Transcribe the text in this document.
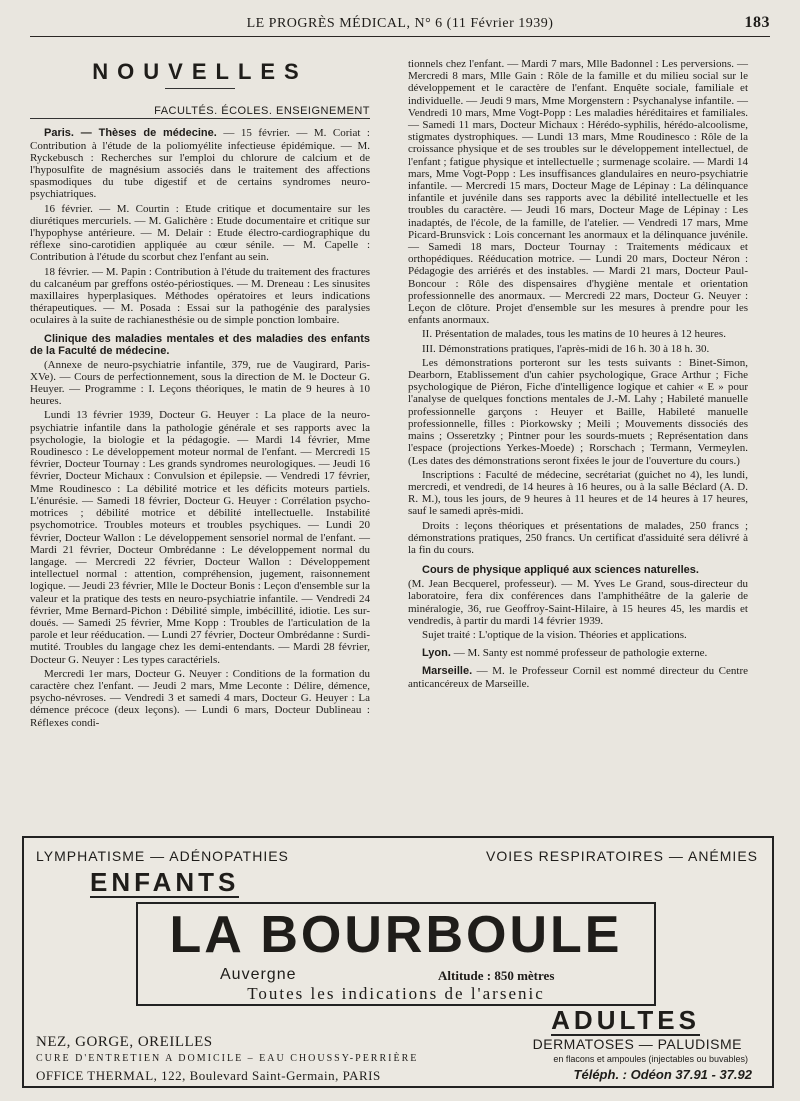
LE PROGRÈS MÉDICAL, N° 6 (11 Février 1939)	183
NOUVELLES
FACULTÉS. ÉCOLES. ENSEIGNEMENT

Paris. — Thèses de médecine. — 15 février. — M. Coriat : Contribution à l'étude de la poliomyélite infectieuse épidémique. — M. Ryckebusch : Recherches sur l'emploi du chlorure de calcium et de l'hyposulfite de magnésium associés dans le traitement des affections spasmodiques du tube digestif et de certains syndromes neuro-psychiatriques.

16 février. — M. Courtin : Etude critique et documentaire sur les diurétiques mercuriels. — M. Galichère : Etude documentaire et critique sur l'hypophyse antérieure. — M. Delair : Etude électro-cardiographique du réflexe sino-carotidien appliquée au cœur sénile. — M. Capelle : Contribution à l'étude du scorbut chez l'enfant au sein.

18 février. — M. Papin : Contribution à l'étude du traitement des fractures du calcanéum par greffons ostéo-périostiques. — M. Dreneau : Les sinusites maxillaires hyperplasiques. Méthodes opératoires et leurs indications thérapeutiques. — M. Posada : Essai sur la pathogénie des paralysies oculaires à la suite de rachianesthésie ou de simple ponction lombaire.

Clinique des maladies mentales et des maladies des enfants de la Faculté de médecine.

(Annexe de neuro-psychiatrie infantile, 379, rue de Vaugirard, Paris-XVe). — Cours de perfectionnement, sous la direction de M. le Docteur G. Heuyer. — Programme : I. Leçons théoriques, le matin de 9 heures à 10 heures.

Lundi 13 février 1939, Docteur G. Heuyer : La place de la neuro-psychiatrie infantile dans la pathologie générale et ses rapports avec la psychologie, la biologie et la pédagogie. — Mardi 14 février, Mme Roudinesco : Le développement moteur normal de l'enfant. — Mercredi 15 février, Docteur Tournay : Les grands syndromes neurologiques. — Jeudi 16 février, Docteur Michaux : Convulsion et épilepsie. — Vendredi 17 février, Mme Roudinesco : La débilité motrice et les déficits moteurs partiels. L'énurésie. — Samedi 18 février, Docteur G. Heuyer : Corrélation psycho-motrices ; débilité motrice et débilité intellectuelle. Instabilité psychomotrice. Troubles moteurs et troubles psychiques. — Lundi 20 février, Docteur Wallon : Le développement sensoriel normal de l'enfant. — Mardi 21 février, Docteur Ombrédanne : Le développement normal du langage. — Mercredi 22 février, Docteur Wallon : Développement intellectuel normal : attention, compréhension, jugement, raisonnement logique. — Jeudi 23 février, Mlle le Docteur Bonis : Leçon d'ensemble sur la valeur et la pratique des tests en neuro-psychiatrie infantile. — Vendredi 24 février, Mme Bernard-Pichon : Débilité simple, imbécillité, idiotie. Les sur-doués. — Samedi 25 février, Mme Kopp : Troubles de l'articulation de la parole et leur rééducation. — Lundi 27 février, Docteur Ombrédanne : Surdi-mutité. Troubles du langage chez les demi-entendants. — Mardi 28 février, Docteur G. Neuyer : Les types caractériels.

Mercredi 1er mars, Docteur G. Neuyer : Conditions de la formation du caractère chez l'enfant. — Jeudi 2 mars, Mme Leconte : Délire, démence, psycho-névroses. — Vendredi 3 et samedi 4 mars, Docteur G. Heuyer : La démence précoce (deux leçons). — Lundi 6 mars, Docteur Dublineau : Réflexes condi-

tionnels chez l'enfant. — Mardi 7 mars, Mlle Badonnel : Les perversions. — Mercredi 8 mars, Mlle Gain : Rôle de la famille et du milieu social sur le développement et le caractère de l'enfant. Enquête sociale, familiale et individuelle. — Jeudi 9 mars, Mme Morgenstern : Psychanalyse infantile. — Vendredi 10 mars, Mme Vogt-Popp : Les maladies héréditaires et familiales. — Samedi 11 mars, Docteur Michaux : Hérédo-syphilis, hérédo-alcoolisme, stigmates dystrophiques. — Lundi 13 mars, Mme Roudinesco : Rôle de la croissance physique et de ses troubles sur le développement intellectuel, de l'enfant ; fatigue physique et intellectuelle ; surmenage scolaire. — Mardi 14 mars, Mme Vogt-Popp : Les insuffisances glandulaires en neuro-psychiatrie infantile. — Mercredi 15 mars, Docteur Mage de Lépinay : La délinquance infantile et juvénile dans ses rapports avec la débilité intellectuelle et les troubles du caractère. — Jeudi 16 mars, Docteur Mage de Lépinay : Les inadaptés, de l'école, de la famille, de l'atelier. — Vendredi 17 mars, Mme Picard-Brunsvick : Lois concernant les anormaux et la délinquance juvénile. — Samedi 18 mars, Docteur Tournay : Traitements médicaux et orthopédiques. Rééducation motrice. — Lundi 20 mars, Docteur Néron : Pédagogie des arriérés et des instables. — Mardi 21 mars, Docteur Paul-Boncour : Rôle des dispensaires d'hygiène mentale et orientation professionnelle des anormaux. — Mercredi 22 mars, Docteur G. Neuyer : Leçon de clôture. Projet d'ensemble sur les mesures à prendre pour les enfants anormaux.

II. Présentation de malades, tous les matins de 10 heures à 12 heures.

III. Démonstrations pratiques, l'après-midi de 16 h. 30 à 18 h. 30.

Les démonstrations porteront sur les tests suivants : Binet-Simon, Dearborn, Etablissement d'un cahier psychologique, Grace Arthur ; Fiche psychologique de Piéron, Fiche d'intelligence logique et cahier « E » pour l'analyse de quelques fonctions mentales de J.-M. Lahy ; Habileté manuelle professionnelle garçons : Heuyer et Baille, Habileté manuelle professionnelle, filles : Piorkowsky ; Meili ; Mouvements dissociés des mains ; Osseretzky ; Pintner pour les sourds-muets ; Représentation dans l'espace (projections Yerkes-Moede) ; Rorschach ; Termann, Vermeylen. (Les dates des démonstrations seront fixées le jour de l'ouverture du cours.)

Inscriptions : Faculté de médecine, secrétariat (guichet no 4), les lundi, mercredi, et vendredi, de 14 heures à 16 heures, ou à la salle Béclard (A. D. R. M.), tous les jours, de 9 heures à 11 heures et de 14 heures à 17 heures, sauf le samedi après-midi.

Droits : leçons théoriques et présentations de malades, 250 francs ; démonstrations pratiques, 250 francs. Un certificat d'assiduité sera délivré à la fin du cours.

Cours de physique appliqué aux sciences naturelles.

(M. Jean Becquerel, professeur). — M. Yves Le Grand, sous-directeur du laboratoire, fera dix conférences dans l'amphithéâtre de la galerie de minéralogie, 36, rue Geoffroy-Saint-Hilaire, à 15 heures 45, les mardis et vendredis, à partir du mardi 14 février 1939.

Sujet traité : L'optique de la vision. Théories et applications.

Lyon. — M. Santy est nommé professeur de pathologie externe.

Marseille. — M. le Professeur Cornil est nommé directeur du Centre anticancéreux de Marseille.

LYMPHATISME — ADÉNOPATHIES	VOIES RESPIRATOIRES — ANÉMIES
ENFANTS
LA BOURBOULE
Auvergne	Altitude : 850 mètres
Toutes les indications de l'arsenic
ADULTES
NEZ, GORGE, OREILLES	DERMATOSES — PALUDISME
CURE D'ENTRETIEN A DOMICILE – EAU CHOUSSY-PERRIÈRE	en flacons et ampoules (injectables ou buvables)
OFFICE THERMAL, 122, Boulevard Saint-Germain, PARIS	Téléph. : Odéon 37.91 - 37.92
